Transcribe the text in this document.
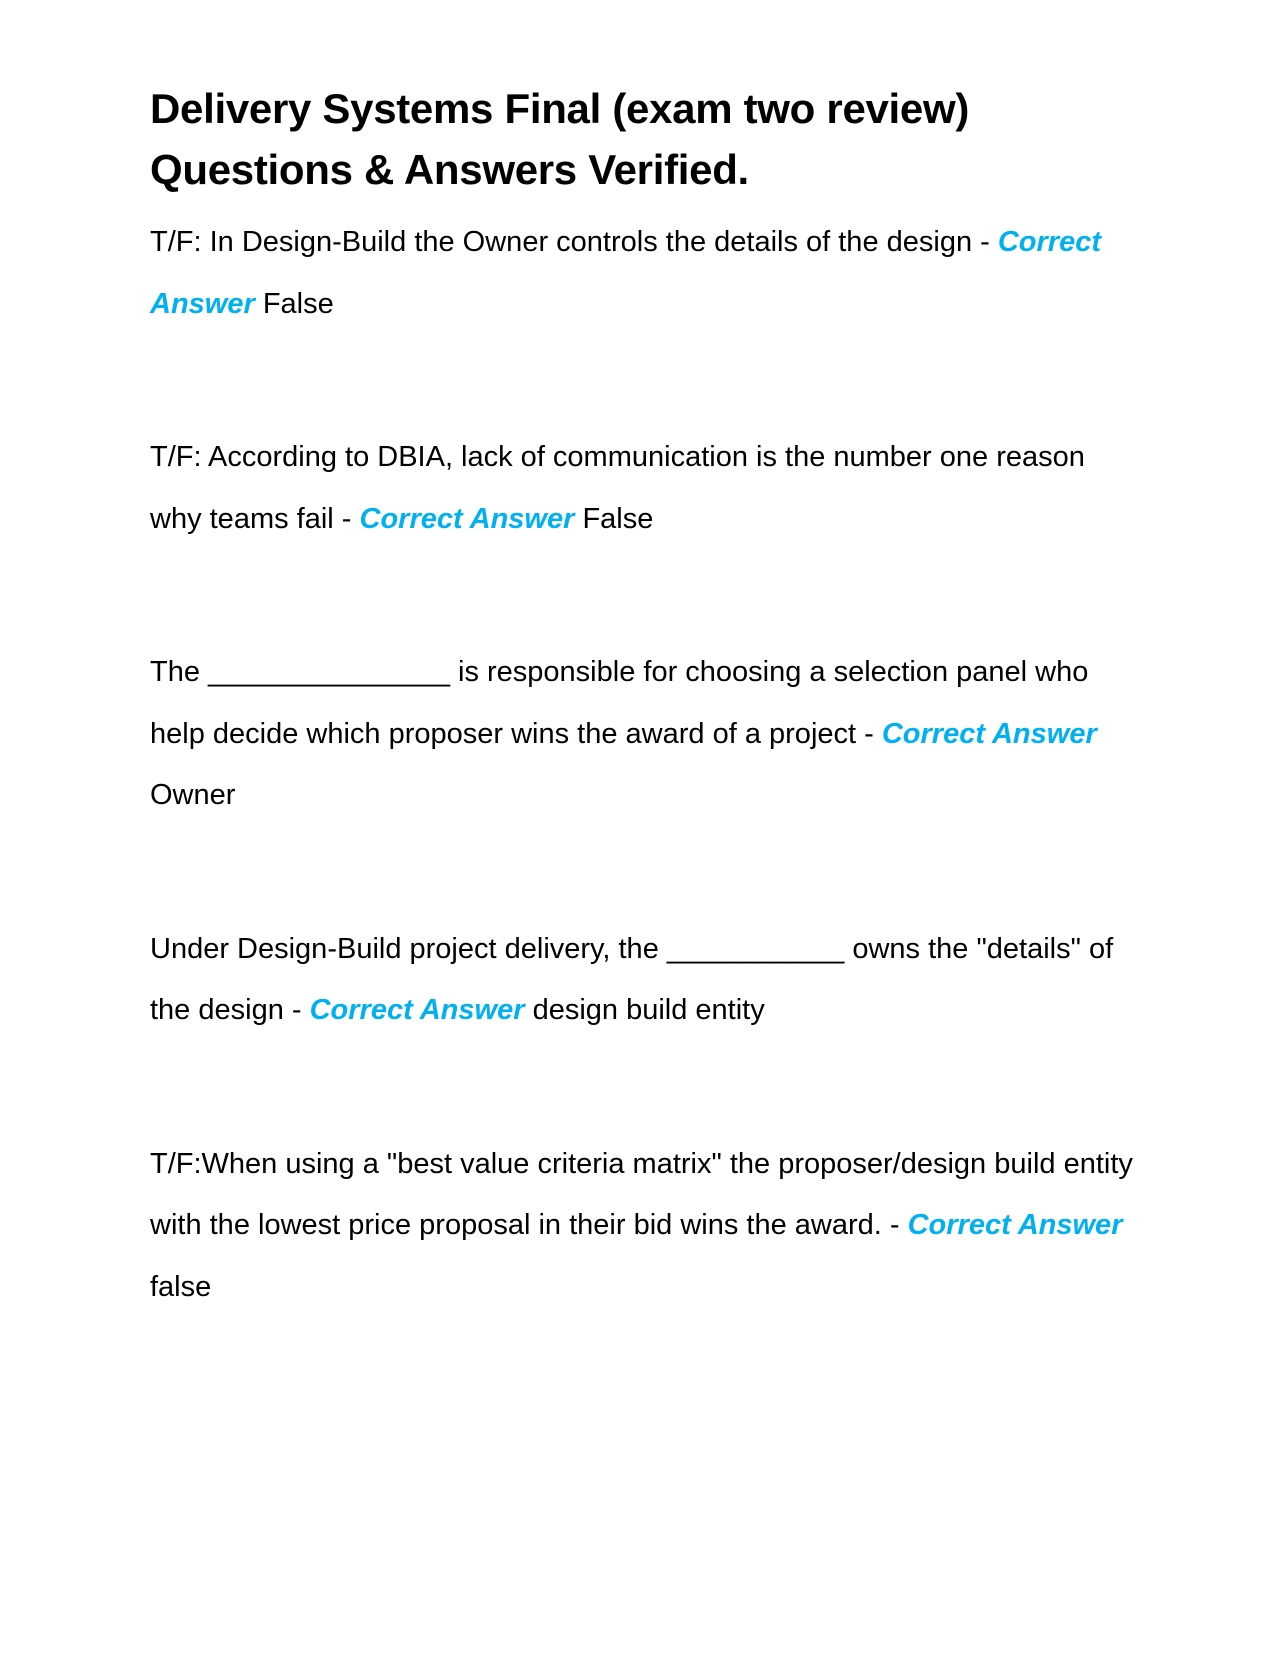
Delivery Systems Final (exam two review)
Questions & Answers Verified.

T/F: In Design-Build the Owner controls the details of the design - Correct Answer False

T/F: According to DBIA, lack of communication is the number one reason why teams fail - Correct Answer False

The _______________ is responsible for choosing a selection panel who help decide which proposer wins the award of a project - Correct Answer Owner

Under Design-Build project delivery, the ___________ owns the "details" of the design - Correct Answer design build entity

T/F:When using a "best value criteria matrix" the proposer/design build entity with the lowest price proposal in their bid wins the award. - Correct Answer false
